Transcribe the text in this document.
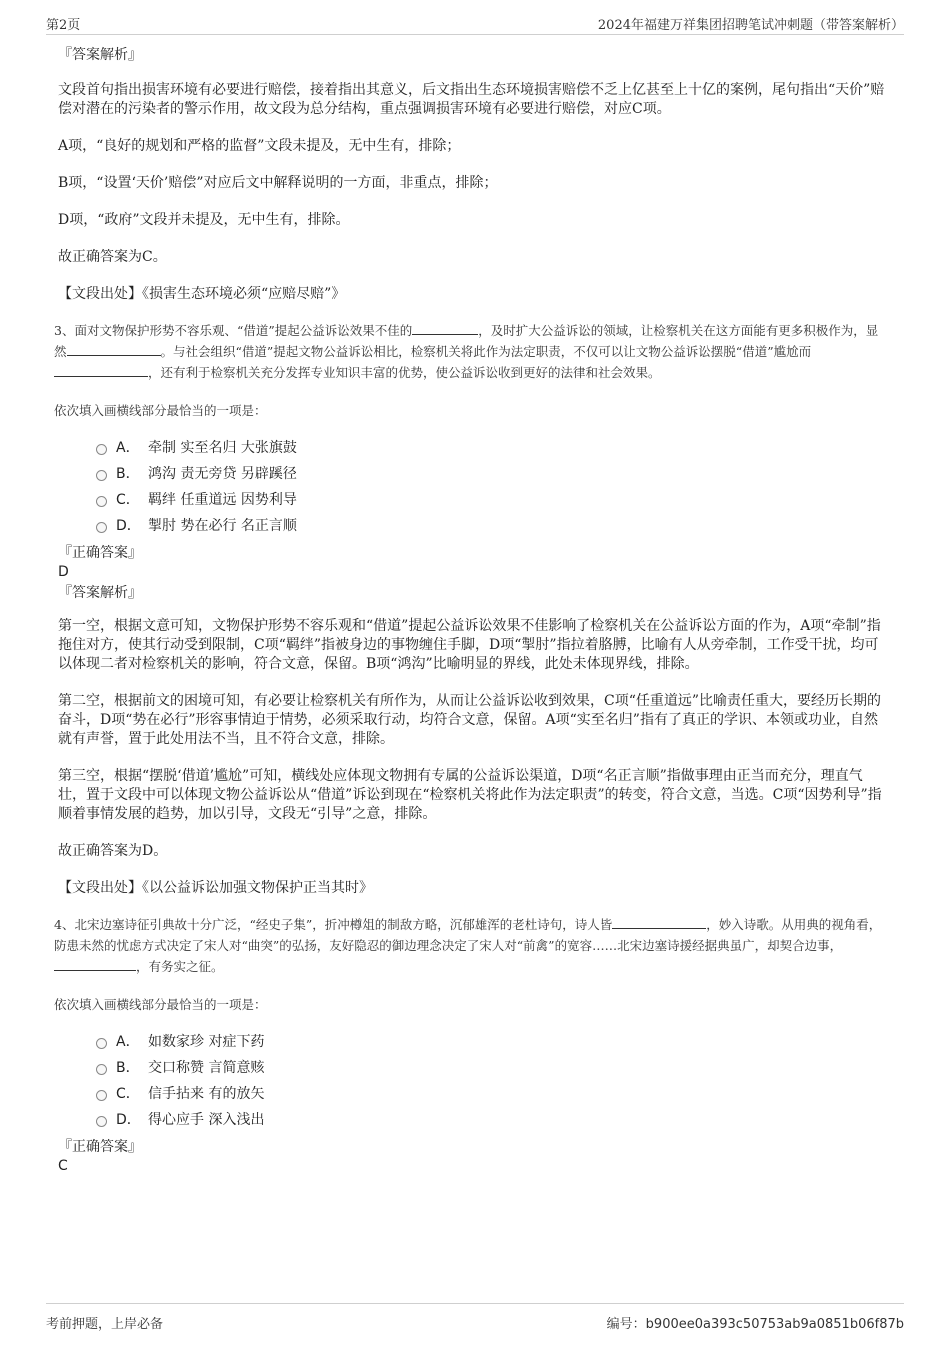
第2页	2024年福建万祥集团招聘笔试冲刺题（带答案解析）

『答案解析』

文段首句指出损害环境有必要进行赔偿，接着指出其意义，后文指出生态环境损害赔偿不乏上亿甚至上十亿的案例，尾句指出“天价”赔偿对潜在的污染者的警示作用，故文段为总分结构，重点强调损害环境有必要进行赔偿，对应C项。

A项，“良好的规划和严格的监督”文段未提及，无中生有，排除；

B项，“设置‘天价’赔偿”对应后文中解释说明的一方面，非重点，排除；

D项，“政府”文段并未提及，无中生有，排除。

故正确答案为C。

【文段出处】《损害生态环境必须“应赔尽赔”》

3、面对文物保护形势不容乐观、“借道”提起公益诉讼效果不佳的	，及时扩大公益诉讼的领域，让检察机关在这方面能有更多积极作为，显然	。与社会组织“借道”提起文物公益诉讼相比，检察机关将此作为法定职责，不仅可以让文物公益诉讼摆脱“借道”尴尬而，还有利于检察机关充分发挥专业知识丰富的优势，使公益诉讼收到更好的法律和社会效果。

依次填入画横线部分最恰当的一项是：

A． 牵制 实至名归 大张旗鼓
B． 鸿沟 责无旁贷 另辟蹊径
C． 羁绊 任重道远 因势利导
D． 掣肘 势在必行 名正言顺

『正确答案』

D

『答案解析』

第一空，根据文意可知，文物保护形势不容乐观和“借道”提起公益诉讼效果不佳影响了检察机关在公益诉讼方面的作为，A项“牵制”指拖住对方，使其行动受到限制，C项“羁绊”指被身边的事物缠住手脚，D项“掣肘”指拉着胳膊，比喻有人从旁牵制，工作受干扰，均可以体现二者对检察机关的影响，符合文意，保留。B项“鸿沟”比喻明显的界线，此处未体现界线，排除。

第二空，根据前文的困境可知，有必要让检察机关有所作为，从而让公益诉讼收到效果，C项“任重道远”比喻责任重大，要经历长期的奋斗，D项“势在必行”形容事情迫于情势，必须采取行动，均符合文意，保留。A项“实至名归”指有了真正的学识、本领或功业，自然就有声誉，置于此处用法不当，且不符合文意，排除。

第三空，根据“摆脱‘借道’尴尬”可知，横线处应体现文物拥有专属的公益诉讼渠道，D项“名正言顺”指做事理由正当而充分，理直气壮，置于文段中可以体现文物公益诉讼从“借道”诉讼到现在“检察机关将此作为法定职责”的转变，符合文意，当选。C项“因势利导”指顺着事情发展的趋势，加以引导，文段无“引导”之意，排除。

故正确答案为D。

【文段出处】《以公益诉讼加强文物保护正当其时》

4、北宋边塞诗征引典故十分广泛，“经史子集”，折冲樽俎的制敌方略，沉郁雄浑的老杜诗句，诗人皆	，妙入诗歌。从用典的视角看，防患未然的忧虑方式决定了宋人对“曲突”的弘扬，友好隐忍的御边理念决定了宋人对“前禽”的宽容……北宋边塞诗援经据典虽广，却契合边事，，有务实之征。

依次填入画横线部分最恰当的一项是：

A． 如数家珍 对症下药
B． 交口称赞 言简意赅
C． 信手拈来 有的放矢
D． 得心应手 深入浅出

『正确答案』

C

考前押题，上岸必备	编号：b900ee0a393c50753ab9a0851b06f87b
